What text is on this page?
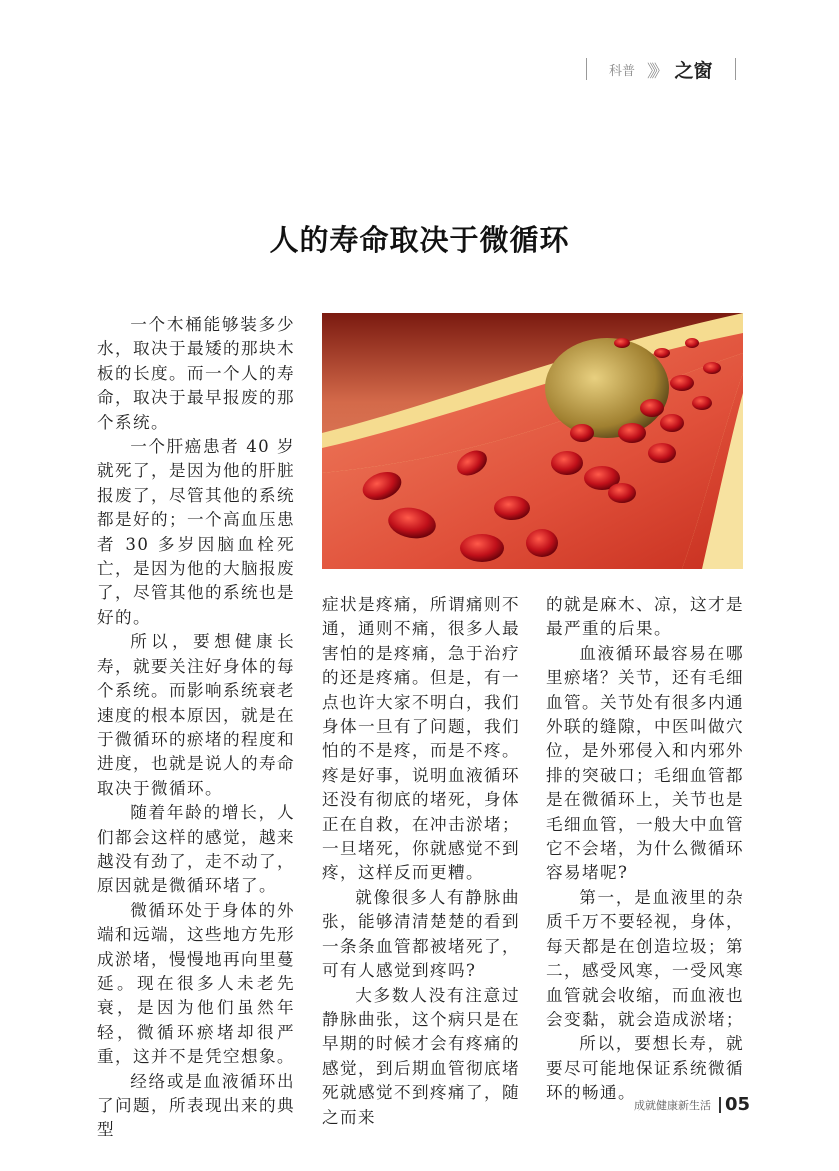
科普 》》 之窗
人的寿命取决于微循环

一个木桶能够装多少水，取决于最矮的那块木板的长度。而一个人的寿命，取决于最早报废的那个系统。

一个肝癌患者 40 岁就死了，是因为他的肝脏报废了，尽管其他的系统都是好的；一个高血压患者 30 多岁因脑血栓死亡，是因为他的大脑报废了，尽管其他的系统也是好的。

所以，要想健康长寿，就要关注好身体的每个系统。而影响系统衰老速度的根本原因，就是在于微循环的瘀堵的程度和进度，也就是说人的寿命取决于微循环。

随着年龄的增长，人们都会这样的感觉，越来越没有劲了，走不动了，原因就是微循环堵了。

微循环处于身体的外端和远端，这些地方先形成淤堵，慢慢地再向里蔓延。现在很多人未老先衰，是因为他们虽然年轻，微循环瘀堵却很严重，这并不是凭空想象。

经络或是血液循环出了问题，所表现出来的典型

症状是疼痛，所谓痛则不通，通则不痛，很多人最害怕的是疼痛，急于治疗的还是疼痛。但是，有一点也许大家不明白，我们身体一旦有了问题，我们怕的不是疼，而是不疼。疼是好事，说明血液循环还没有彻底的堵死，身体正在自救，在冲击淤堵；一旦堵死，你就感觉不到疼，这样反而更糟。

就像很多人有静脉曲张，能够清清楚楚的看到一条条血管都被堵死了，可有人感觉到疼吗?

大多数人没有注意过静脉曲张，这个病只是在早期的时候才会有疼痛的感觉，到后期血管彻底堵死就感觉不到疼痛了，随之而来

的就是麻木、凉，这才是最严重的后果。

血液循环最容易在哪里瘀堵？关节，还有毛细血管。关节处有很多内通外联的缝隙，中医叫做穴位，是外邪侵入和内邪外排的突破口；毛细血管都是在微循环上，关节也是毛细血管，一般大中血管它不会堵，为什么微循环容易堵呢?

第一，是血液里的杂质千万不要轻视，身体，每天都是在创造垃圾；第二，感受风寒，一受风寒血管就会收缩，而血液也会变黏，就会造成淤堵；

所以，要想长寿，就要尽可能地保证系统微循环的畅通。

成就健康新生活 05
